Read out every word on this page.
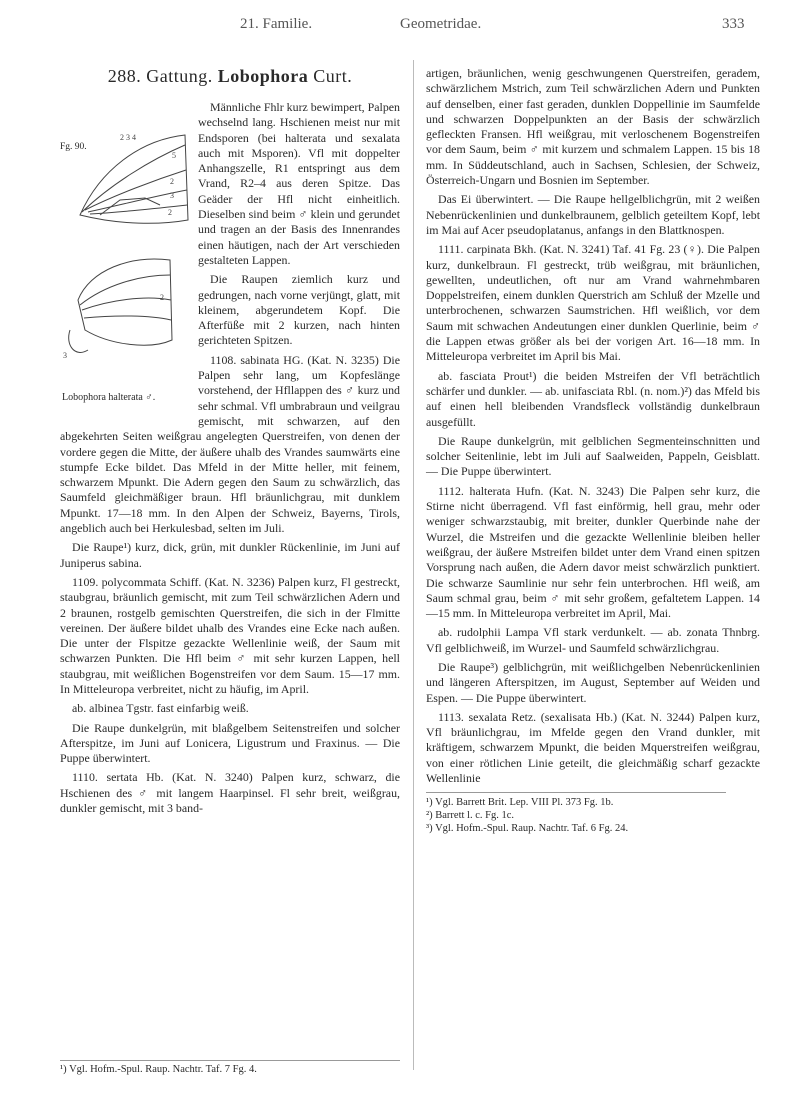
21. Familie.	Geometridae.	333
288. Gattung. Lobophora Curt.
Fg. 90.
2 3 4
5
2
3
2
2
3
Lobophora halterata ♂.

Männliche Fhlr kurz bewimpert, Palpen wechselnd lang. Hschienen meist nur mit Endsporen (bei halterata und sexalata auch mit Msporen). Vfl mit doppelter Anhangszelle, R1 entspringt aus dem Vrand, R2–4 aus deren Spitze. Das Geäder der Hfl nicht einheitlich. Dieselben sind beim ♂ klein und gerundet und tragen an der Basis des Innenrandes einen häutigen, nach der Art verschieden gestalteten Lappen.

Die Raupen ziemlich kurz und gedrungen, nach vorne verjüngt, glatt, mit kleinem, abgerundetem Kopf. Die Afterfüße mit 2 kurzen, nach hinten gerichteten Spitzen.

1108. sabinata HG. (Kat. N. 3235) Die Palpen sehr lang, um Kopfeslänge vorstehend, der Hfllappen des ♂ kurz und sehr schmal. Vfl umbrabraun und veilgrau gemischt, mit schwarzen, auf den abgekehrten Seiten weißgrau angelegten Querstreifen, von denen der vordere gegen die Mitte, der äußere uhalb des Vrandes saumwärts eine stumpfe Ecke bildet. Das Mfeld in der Mitte heller, mit feinem, schwarzem Mpunkt. Die Adern gegen den Saum zu schwärzlich, das Saumfeld gleichmäßiger braun. Hfl bräunlichgrau, mit dunklem Mpunkt. 17—18 mm. In den Alpen der Schweiz, Bayerns, Tirols, angeblich auch bei Herkulesbad, selten im Juli.

Die Raupe¹) kurz, dick, grün, mit dunkler Rückenlinie, im Juni auf Juniperus sabina.

1109. polycommata Schiff. (Kat. N. 3236) Palpen kurz, Fl gestreckt, staubgrau, bräunlich gemischt, mit zum Teil schwärzlichen Adern und 2 braunen, rostgelb gemischten Querstreifen, die sich in der Flmitte vereinen. Der äußere bildet uhalb des Vrandes eine Ecke nach außen. Die unter der Flspitze gezackte Wellenlinie weiß, der Saum mit schwarzen Punkten. Die Hfl beim ♂ mit sehr kurzen Lappen, hell staubgrau, mit weißlichen Bogenstreifen vor dem Saum. 15—17 mm. In Mitteleuropa verbreitet, nicht zu häufig, im April.

ab. albinea Tgstr. fast einfarbig weiß.

Die Raupe dunkelgrün, mit blaßgelbem Seitenstreifen und solcher Afterspitze, im Juni auf Lonicera, Ligustrum und Fraxinus. — Die Puppe überwintert.

1110. sertata Hb. (Kat. N. 3240) Palpen kurz, schwarz, die Hschienen des ♂ mit langem Haarpinsel. Fl sehr breit, weißgrau, dunkler gemischt, mit 3 band-

¹) Vgl. Hofm.-Spul. Raup. Nachtr. Taf. 7 Fg. 4.

artigen, bräunlichen, wenig geschwungenen Querstreifen, geradem, schwärzlichem Mstrich, zum Teil schwärzlichen Adern und Punkten auf denselben, einer fast geraden, dunklen Doppellinie im Saumfelde und schwarzen Doppelpunkten an der Basis der schwärzlich gefleckten Fransen. Hfl weißgrau, mit verloschenem Bogenstreifen vor dem Saum, beim ♂ mit kurzem und schmalem Lappen. 15 bis 18 mm. In Süddeutschland, auch in Sachsen, Schlesien, der Schweiz, Österreich-Ungarn und Bosnien im September.

Das Ei überwintert. — Die Raupe hellgelblichgrün, mit 2 weißen Nebenrückenlinien und dunkelbraunem, gelblich geteiltem Kopf, lebt im Mai auf Acer pseudoplatanus, anfangs in den Blattknospen.

1111. carpinata Bkh. (Kat. N. 3241) Taf. 41 Fg. 23 (♀). Die Palpen kurz, dunkelbraun. Fl gestreckt, trüb weißgrau, mit bräunlichen, gewellten, undeutlichen, oft nur am Vrand wahrnehmbaren Doppelstreifen, einem dunklen Querstrich am Schluß der Mzelle und unterbrochenen, schwarzen Saumstrichen. Hfl weißlich, vor dem Saum mit schwachen Andeutungen einer dunklen Querlinie, beim ♂ die Lappen etwas größer als bei der vorigen Art. 16—18 mm. In Mitteleuropa verbreitet im April bis Mai.

ab. fasciata Prout¹) die beiden Mstreifen der Vfl beträchtlich schärfer und dunkler. — ab. unifasciata Rbl. (n. nom.)²) das Mfeld bis auf einen hell bleibenden Vrandsfleck vollständig dunkelbraun ausgefüllt.

Die Raupe dunkelgrün, mit gelblichen Segmenteinschnitten und solcher Seitenlinie, lebt im Juli auf Saalweiden, Pappeln, Geisblatt. — Die Puppe überwintert.

1112. halterata Hufn. (Kat. N. 3243) Die Palpen sehr kurz, die Stirne nicht überragend. Vfl fast einförmig, hell grau, mehr oder weniger schwarzstaubig, mit breiter, dunkler Querbinde nahe der Wurzel, die Mstreifen und die gezackte Wellenlinie bleiben heller weißgrau, der äußere Mstreifen bildet unter dem Vrand einen spitzen Vorsprung nach außen, die Adern davor meist schwärzlich punktiert. Die schwarze Saumlinie nur sehr fein unterbrochen. Hfl weiß, am Saum schmal grau, beim ♂ mit sehr großem, gefaltetem Lappen. 14—15 mm. In Mitteleuropa verbreitet im April, Mai.

ab. rudolphii Lampa Vfl stark verdunkelt. — ab. zonata Thnbrg. Vfl gelblichweiß, im Wurzel- und Saumfeld schwärzlichgrau.

Die Raupe³) gelblichgrün, mit weißlichgelben Nebenrückenlinien und längeren Afterspitzen, im August, September auf Weiden und Espen. — Die Puppe überwintert.

1113. sexalata Retz. (sexalisata Hb.) (Kat. N. 3244) Palpen kurz, Vfl bräunlichgrau, im Mfelde gegen den Vrand dunkler, mit kräftigem, schwarzem Mpunkt, die beiden Mquerstreifen weißgrau, von einer rötlichen Linie geteilt, die gleichmäßig scharf gezackte Wellenlinie

¹) Vgl. Barrett Brit. Lep. VIII Pl. 373 Fg. 1b.
²) Barrett l. c. Fg. 1c.
³) Vgl. Hofm.-Spul. Raup. Nachtr. Taf. 6 Fg. 24.
